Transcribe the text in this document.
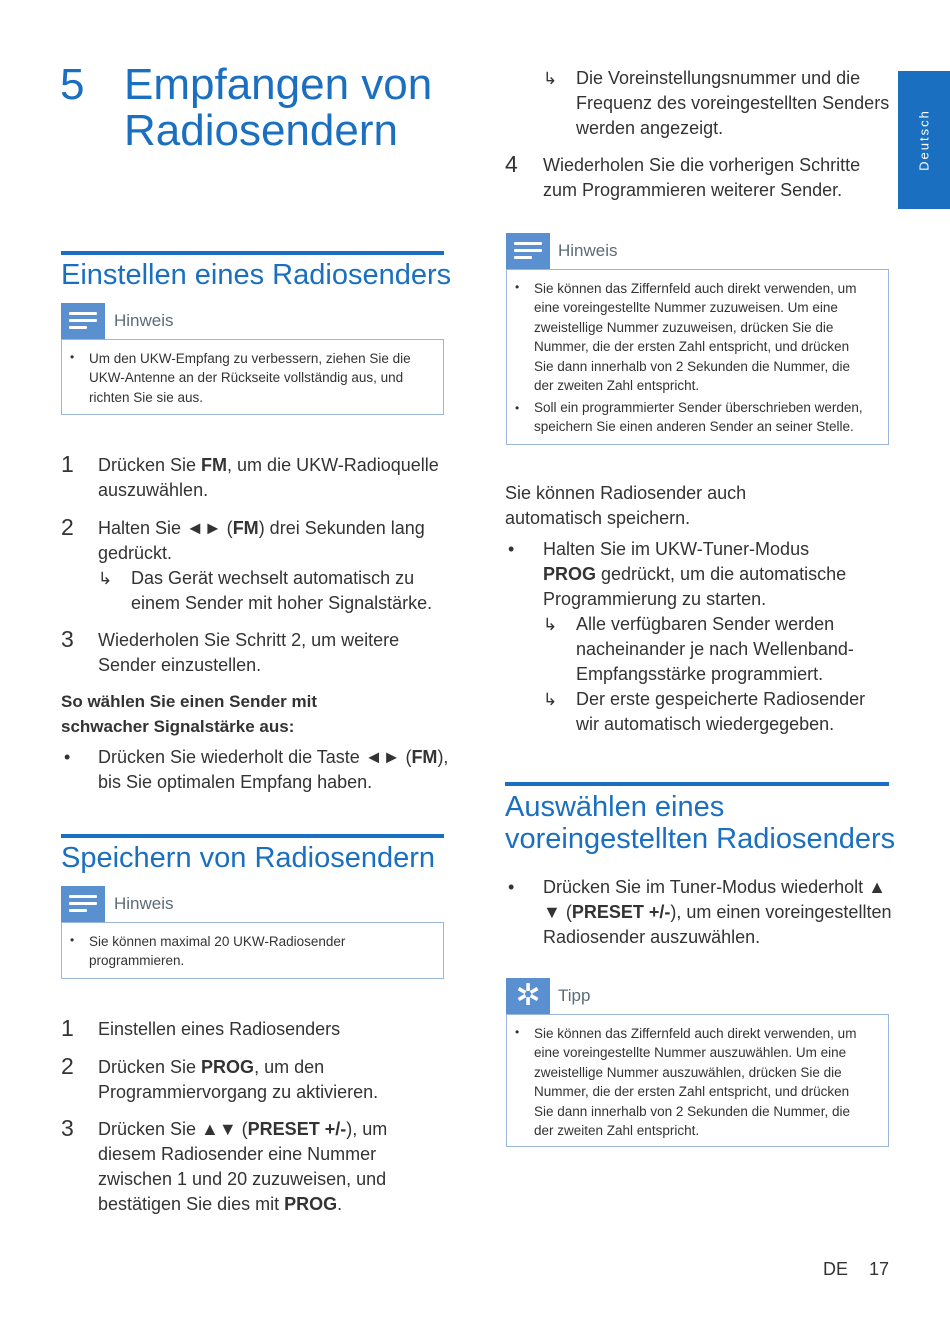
Deutsch
5 Empfangen von
Radiosendern
Einstellen eines Radiosenders
Hinweis
• Um den UKW-Empfang zu verbessern, ziehen Sie die
UKW-Antenne an der Rückseite vollständig aus, und
richten Sie sie aus.
1 Drücken Sie FM, um die UKW-Radioquelle
auszuwählen.
2 Halten Sie ◄► (FM) drei Sekunden lang
gedrückt.
↳ Das Gerät wechselt automatisch zu
einem Sender mit hoher Signalstärke.
3 Wiederholen Sie Schritt 2, um weitere
Sender einzustellen.
So wählen Sie einen Sender mit
schwacher Signalstärke aus:
• Drücken Sie wiederholt die Taste ◄► (FM),
bis Sie optimalen Empfang haben.
Speichern von Radiosendern
Hinweis
• Sie können maximal 20 UKW-Radiosender
programmieren.
1 Einstellen eines Radiosenders
2 Drücken Sie PROG, um den
Programmiervorgang zu aktivieren.
3 Drücken Sie ▲▼ (PRESET +/-), um
diesem Radiosender eine Nummer
zwischen 1 und 20 zuzuweisen, und
bestätigen Sie dies mit PROG.
↳ Die Voreinstellungsnummer und die
Frequenz des voreingestellten Senders
werden angezeigt.
4 Wiederholen Sie die vorherigen Schritte
zum Programmieren weiterer Sender.
Hinweis
• Sie können das Ziffernfeld auch direkt verwenden, um
eine voreingestellte Nummer zuzuweisen. Um eine
zweistellige Nummer zuzuweisen, drücken Sie die
Nummer, die der ersten Zahl entspricht, und drücken
Sie dann innerhalb von 2 Sekunden die Nummer, die
der zweiten Zahl entspricht.
• Soll ein programmierter Sender überschrieben werden,
speichern Sie einen anderen Sender an seiner Stelle.
Sie können Radiosender auch
automatisch speichern.
• Halten Sie im UKW-Tuner-Modus
PROG gedrückt, um die automatische
Programmierung zu starten.
↳ Alle verfügbaren Sender werden
nacheinander je nach Wellenband-
Empfangsstärke programmiert.
↳ Der erste gespeicherte Radiosender
wir automatisch wiedergegeben.
Auswählen eines
voreingestellten Radiosenders
• Drücken Sie im Tuner-Modus wiederholt ▲
▼ (PRESET +/-), um einen voreingestellten
Radiosender auszuwählen.
✲	Tipp
• Sie können das Ziffernfeld auch direkt verwenden, um
eine voreingestellte Nummer auszuwählen. Um eine
zweistellige Nummer auszuwählen, drücken Sie die
Nummer, die der ersten Zahl entspricht, und drücken
Sie dann innerhalb von 2 Sekunden die Nummer, die
der zweiten Zahl entspricht.
DE 17
